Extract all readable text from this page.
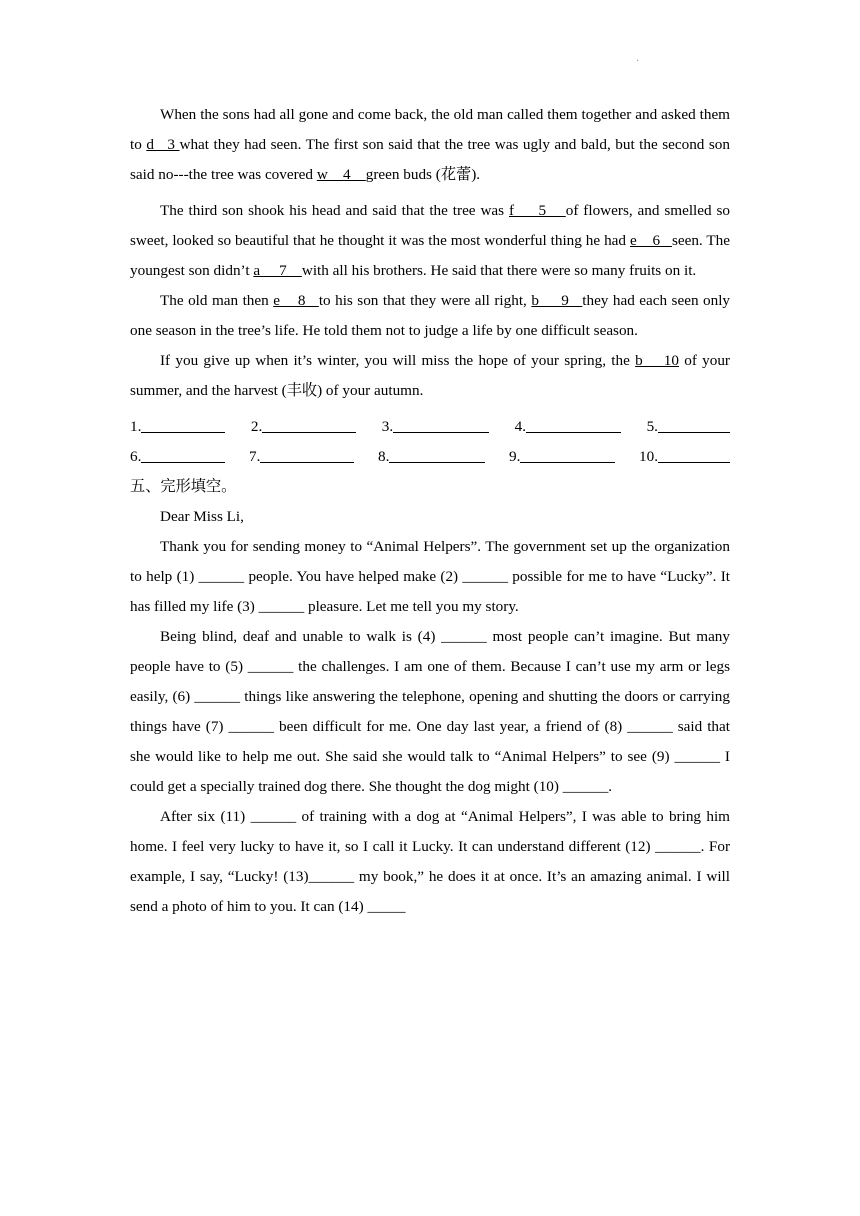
·

When the sons had all gone and come back, the old man called them together and asked them to d   3 what they had seen. The first son said that the tree was ugly and bald, but the second son said no---the tree was covered w    4    green buds (花蕾).

The third son shook his head and said that the tree was f     5    of flowers, and smelled so sweet, looked so beautiful that he thought it was the most wonderful thing he had e    6   seen. The youngest son didn’t a     7    with all his brothers. He said that there were so many fruits on it.

The old man then e    8   to his son that they were all right, b     9   they had each seen only one season in the tree’s life. He told them not to judge a life by one difficult season.

If you give up when it’s winter, you will miss the hope of your spring, the b    10 of your summer, and the harvest (丰收) of your autumn.

1.	2.	3.	4.	5.
6.	7.	8.	9.	10.

五、完形填空。

Dear Miss Li,

Thank you for sending money to “Animal Helpers”. The government set up the organization to help (1) ______ people. You have helped make (2) ______ possible for me to have “Lucky”. It has filled my life (3) ______ pleasure. Let me tell you my story.

Being blind, deaf and unable to walk is (4) ______ most people can’t imagine. But many people have to (5) ______ the challenges. I am one of them. Because I can’t use my arm or legs easily, (6) ______ things like answering the telephone, opening and shutting the doors or carrying things have (7) ______ been difficult for me. One day last year, a friend of (8) ______ said that she would like to help me out. She said she would talk to “Animal Helpers” to see (9) ______ I could get a specially trained dog there. She thought the dog might (10) ______.

After six (11) ______ of training with a dog at “Animal Helpers”, I was able to bring him home. I feel very lucky to have it, so I call it Lucky. It can understand different (12) ______. For example, I say, “Lucky! (13)______ my book,” he does it at once. It’s an amazing animal. I will send a photo of him to you. It can (14) _____
